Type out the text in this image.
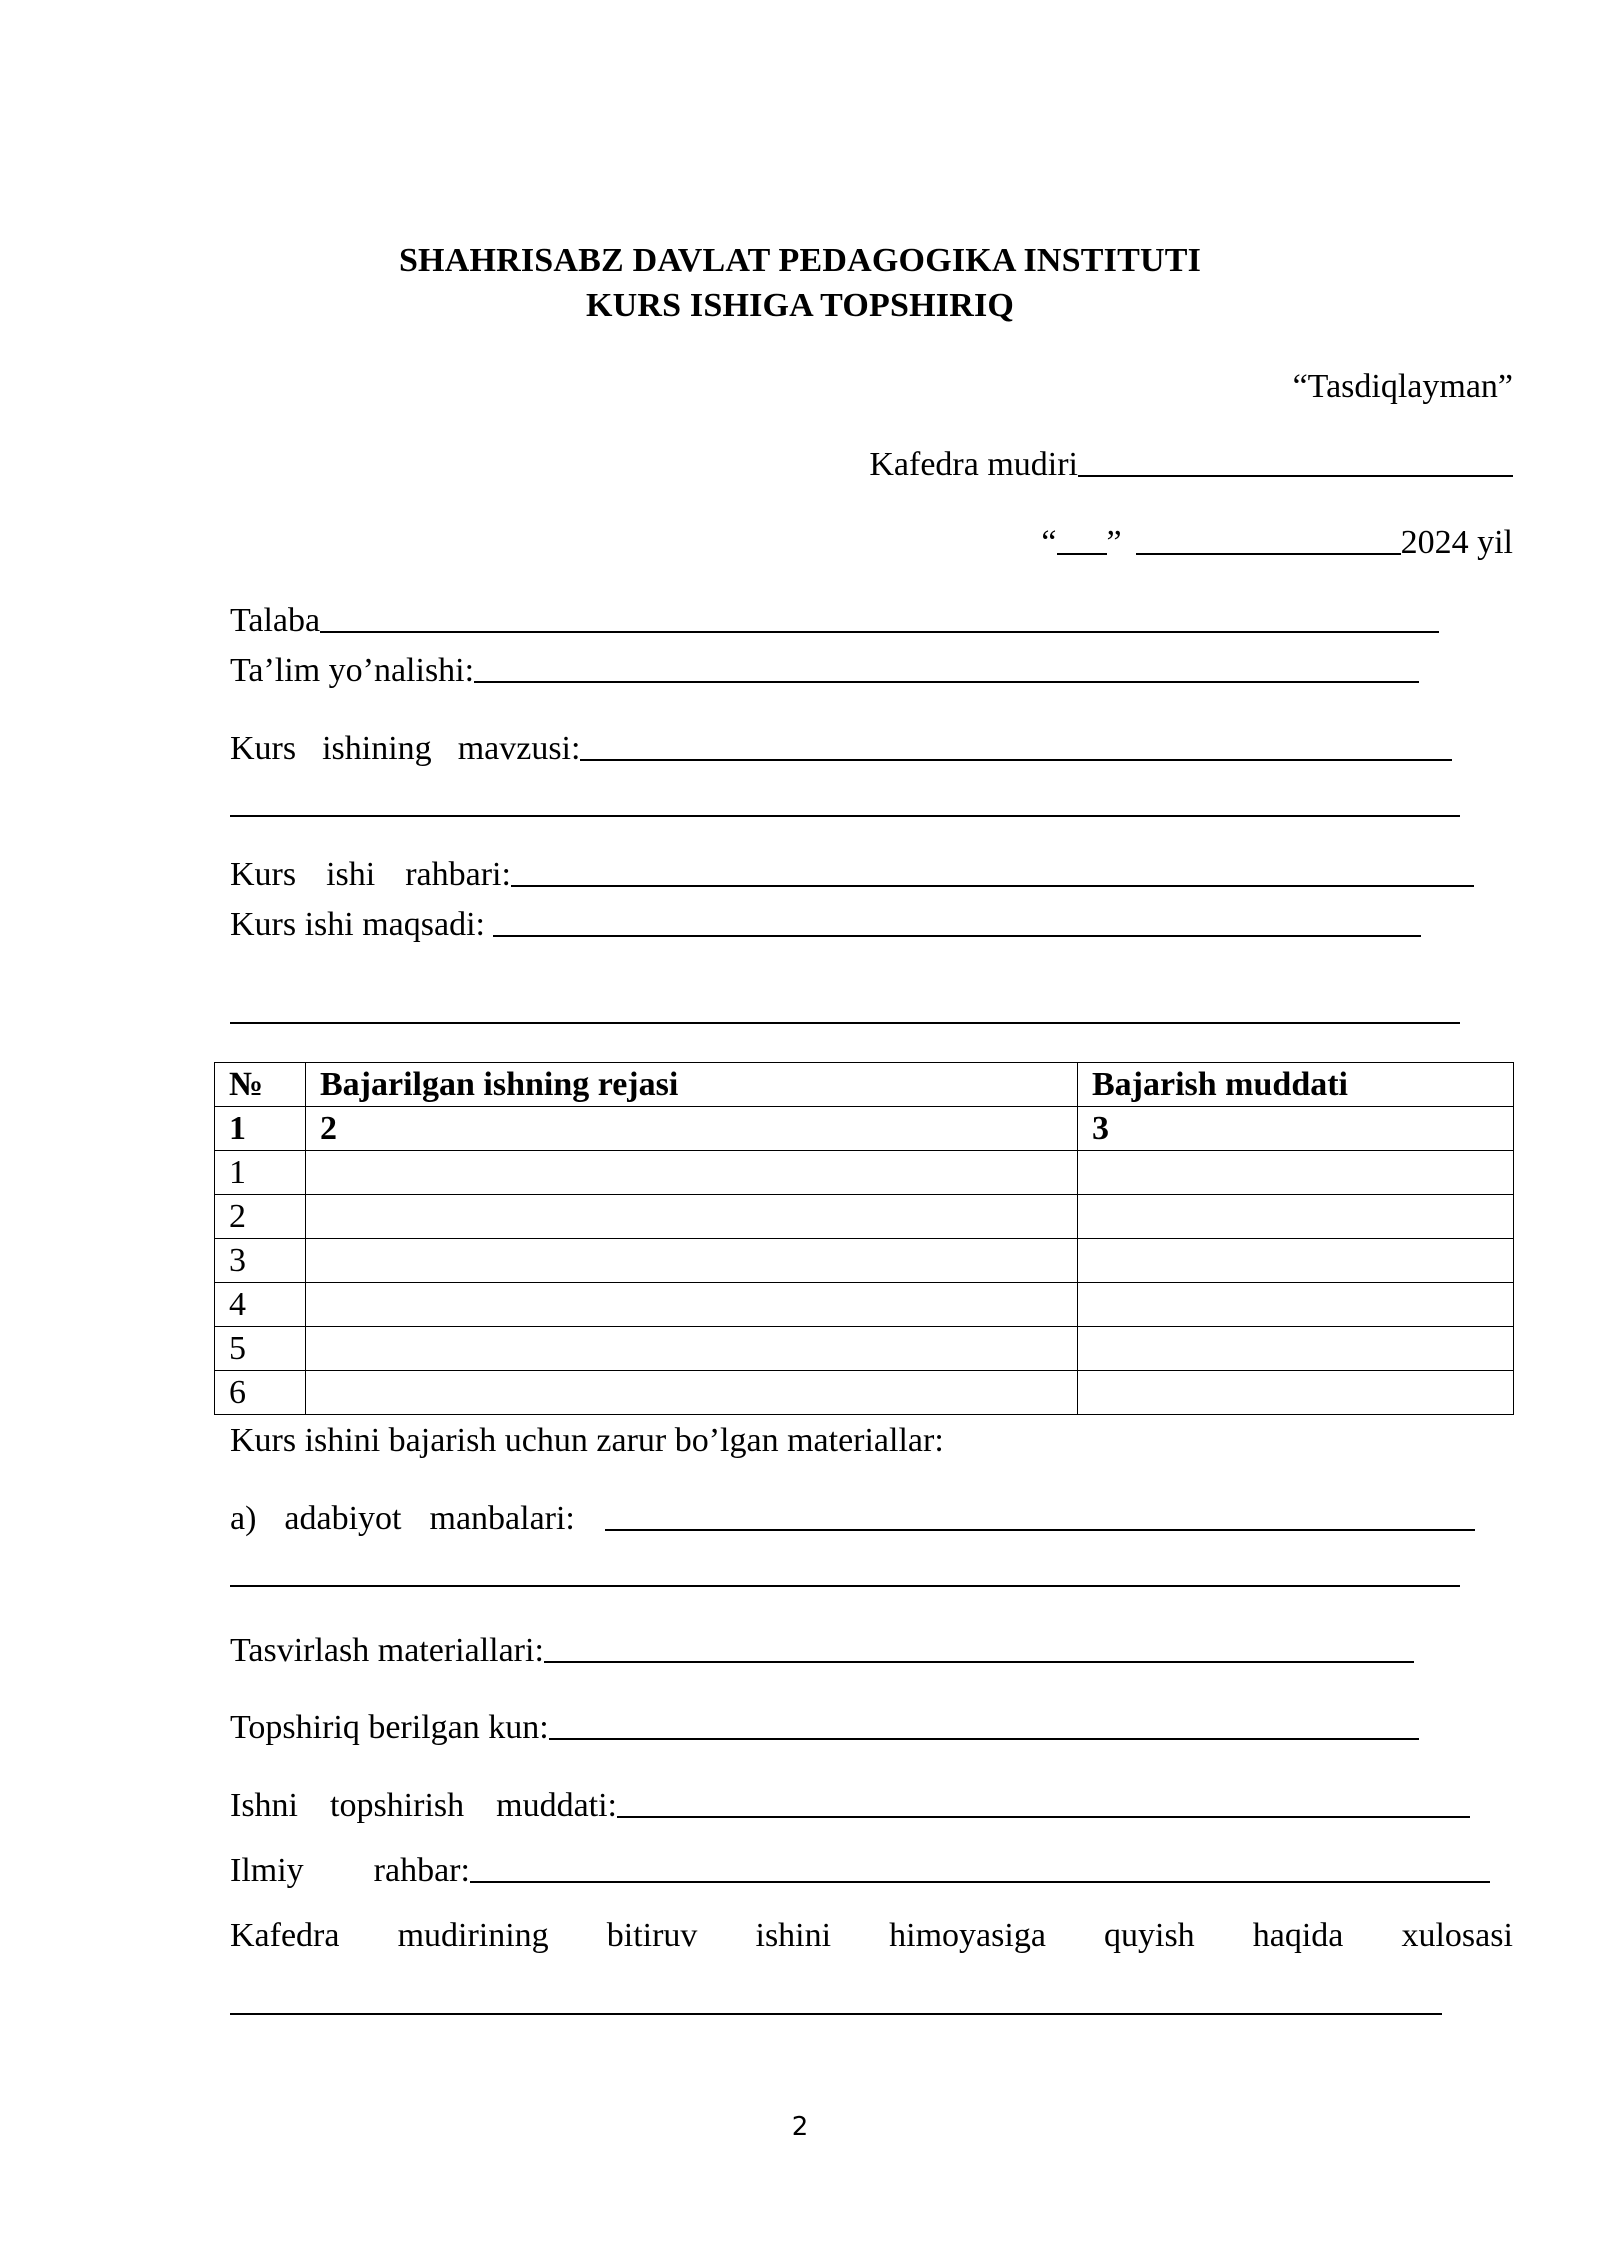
SHAHRISABZ DAVLAT PEDAGOGIKA INSTITUTI
KURS ISHIGA TOPSHIRIQ
“Tasdiqlayman”
Kafedra mudiri
“ ”	2024 yil
Talaba
Ta’lim yo’nalishi:
Kurs ishining mavzusi:
Kurs ishi rahbari:
Kurs ishi maqsadi:
№	Bajarilgan ishning rejasi	Bajarish muddati
1	2	3
1		
2		
3		
4		
5		
6		
Kurs ishini bajarish uchun zarur bo’lgan materiallar:
a) adabiyot manbalari:
Tasvirlash materiallari:
Topshiriq berilgan kun:
Ishni topshirish muddati:
Ilmiy rahbar:
Kafedra mudirining bitiruv ishini himoyasiga quyish haqida xulosasi
2
